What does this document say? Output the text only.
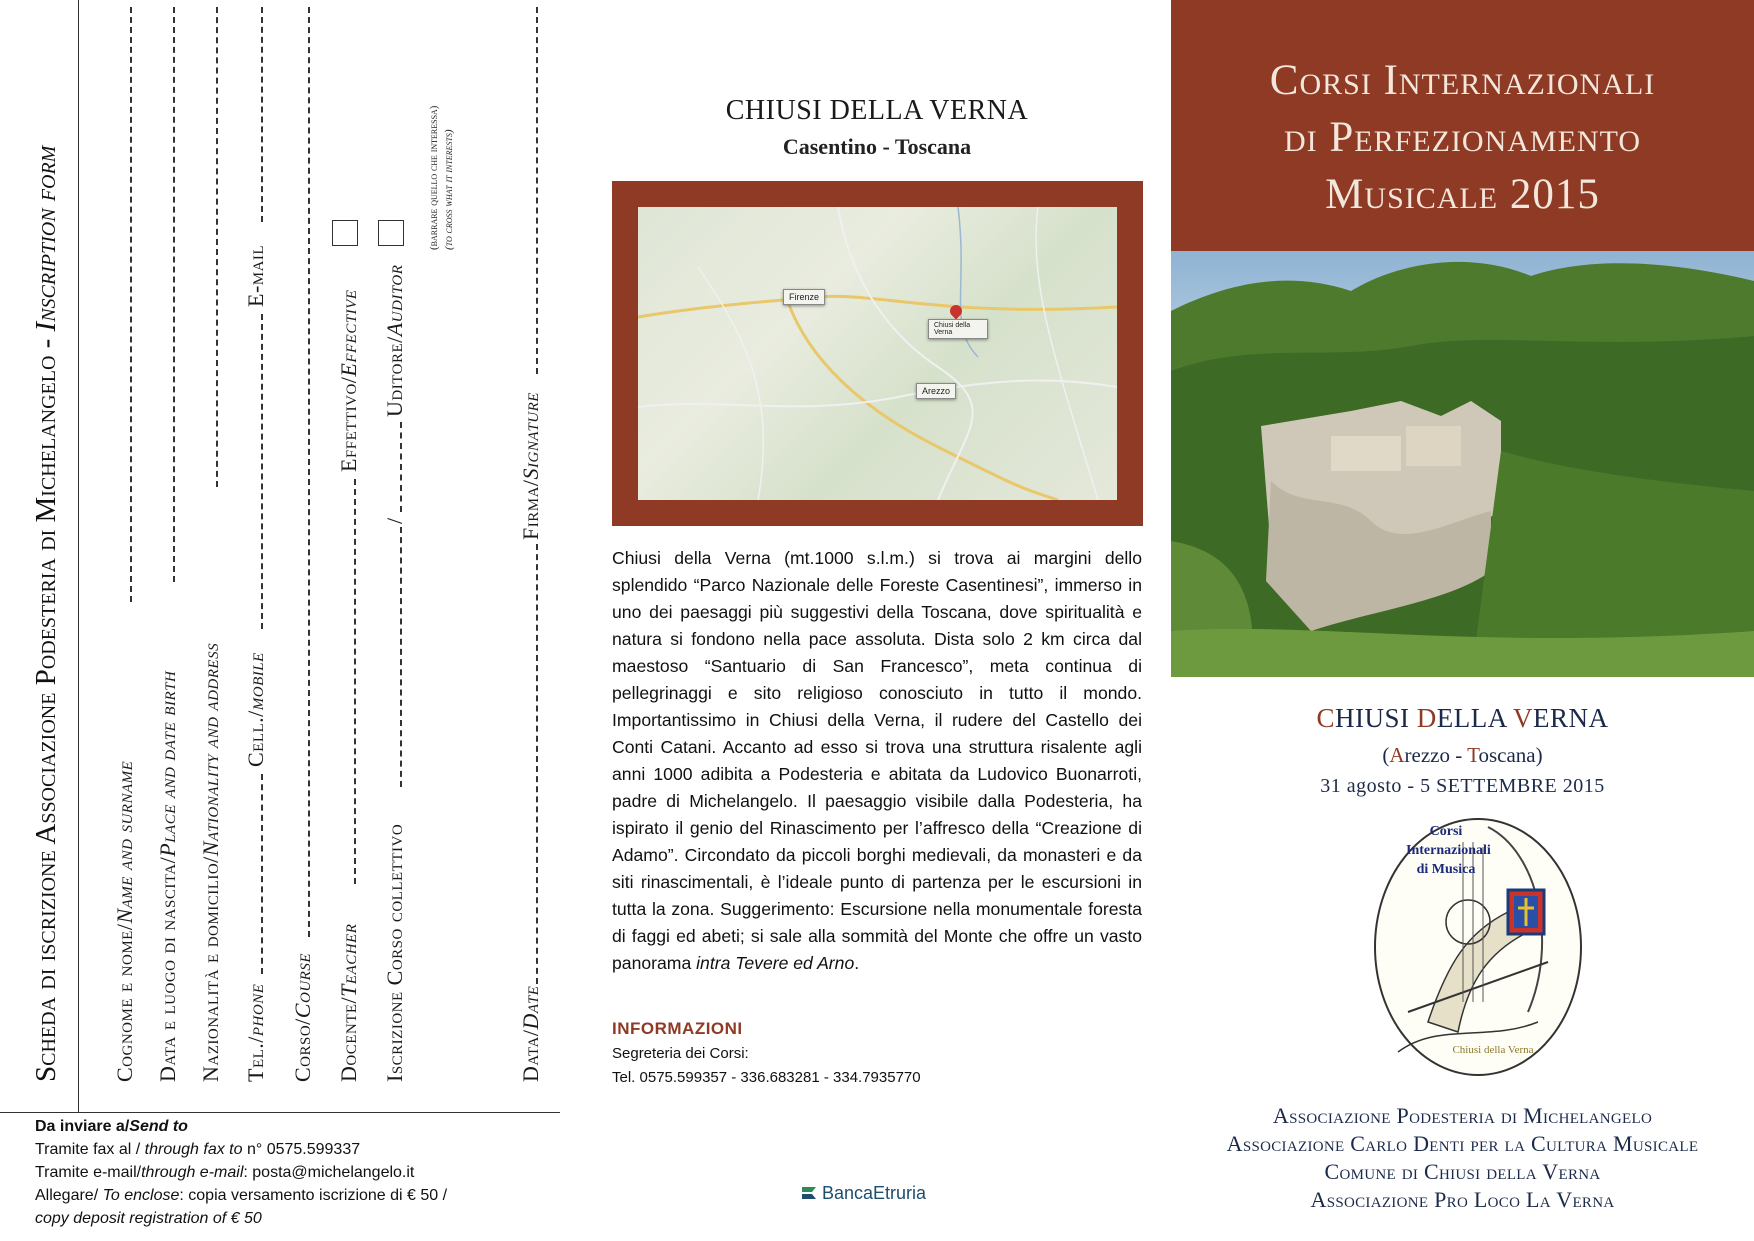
Scheda di iscrizione Associazione Podesteria di Michelangelo - Inscription form
Cognome e nome/Name and surname
Data e luogo di nascita/Place and date birth
Nazionalità e domicilio/Nationality and address
Tel./phone
Cell./mobile
E-mail
Corso/Course
Docente/Teacher
Effettivo/Effective
Iscrizione Corso collettivo
/
Uditore/Auditor
(barrare quello che interessa) (to cross what it interests)
Data/Date
Firma/Signature
Da inviare a/Send to
Tramite fax al / through fax to n° 0575.599337
Tramite e-mail/through e-mail: posta@michelangelo.it
Allegare/ To enclose: copia versamento iscrizione di € 50 /
copy deposit registration of € 50
CHIUSI DELLA VERNA
Casentino - Toscana
Firenze
Chiusi della Verna
Arezzo
Chiusi della Verna (mt.1000 s.l.m.) si trova ai margini dello splendido “Parco Nazionale delle Foreste Casentinesi”, immerso in uno dei paesaggi più suggestivi della Toscana, dove spiritualità e natura si fondono nella pace assoluta. Dista solo 2 km circa dal maestoso “Santuario di San Francesco”, meta continua di pellegrinaggi e sito religioso conosciuto in tutto il mondo. Importantissimo in Chiusi della Verna, il rudere del Castello dei Conti Catani. Accanto ad esso si trova una struttura risalente agli anni 1000 adibita a Podesteria e abitata da Ludovico Buonarroti, padre di Michelangelo. Il paesaggio visibile dalla Podesteria, ha ispirato il genio del Rinascimento per l’affresco della “Creazione di Adamo”. Circondato da piccoli borghi medievali, da monasteri e da siti rinascimentali, è l’ideale punto di partenza per le escursioni in tutta la zona. Suggerimento: Escursione nella monumentale foresta di faggi ed abeti; si sale alla sommità del Monte che offre un vasto panorama intra Tevere ed Arno.
INFORMAZIONI
Segreteria dei Corsi:
Tel. 0575.599357 - 336.683281 - 334.7935770
BancaEtruria
Corsi Internazionali
di Perfezionamento
Musicale 2015
CHIUSI DELLA VERNA
(Arezzo - Toscana)
31 agosto - 5 SETTEMBRE 2015
Corsi
Internazionali
di Musica
Chiusi della Verna
Associazione Podesteria di Michelangelo
Associazione Carlo Denti per la Cultura Musicale
Comune di Chiusi della Verna
Associazione Pro Loco La Verna
